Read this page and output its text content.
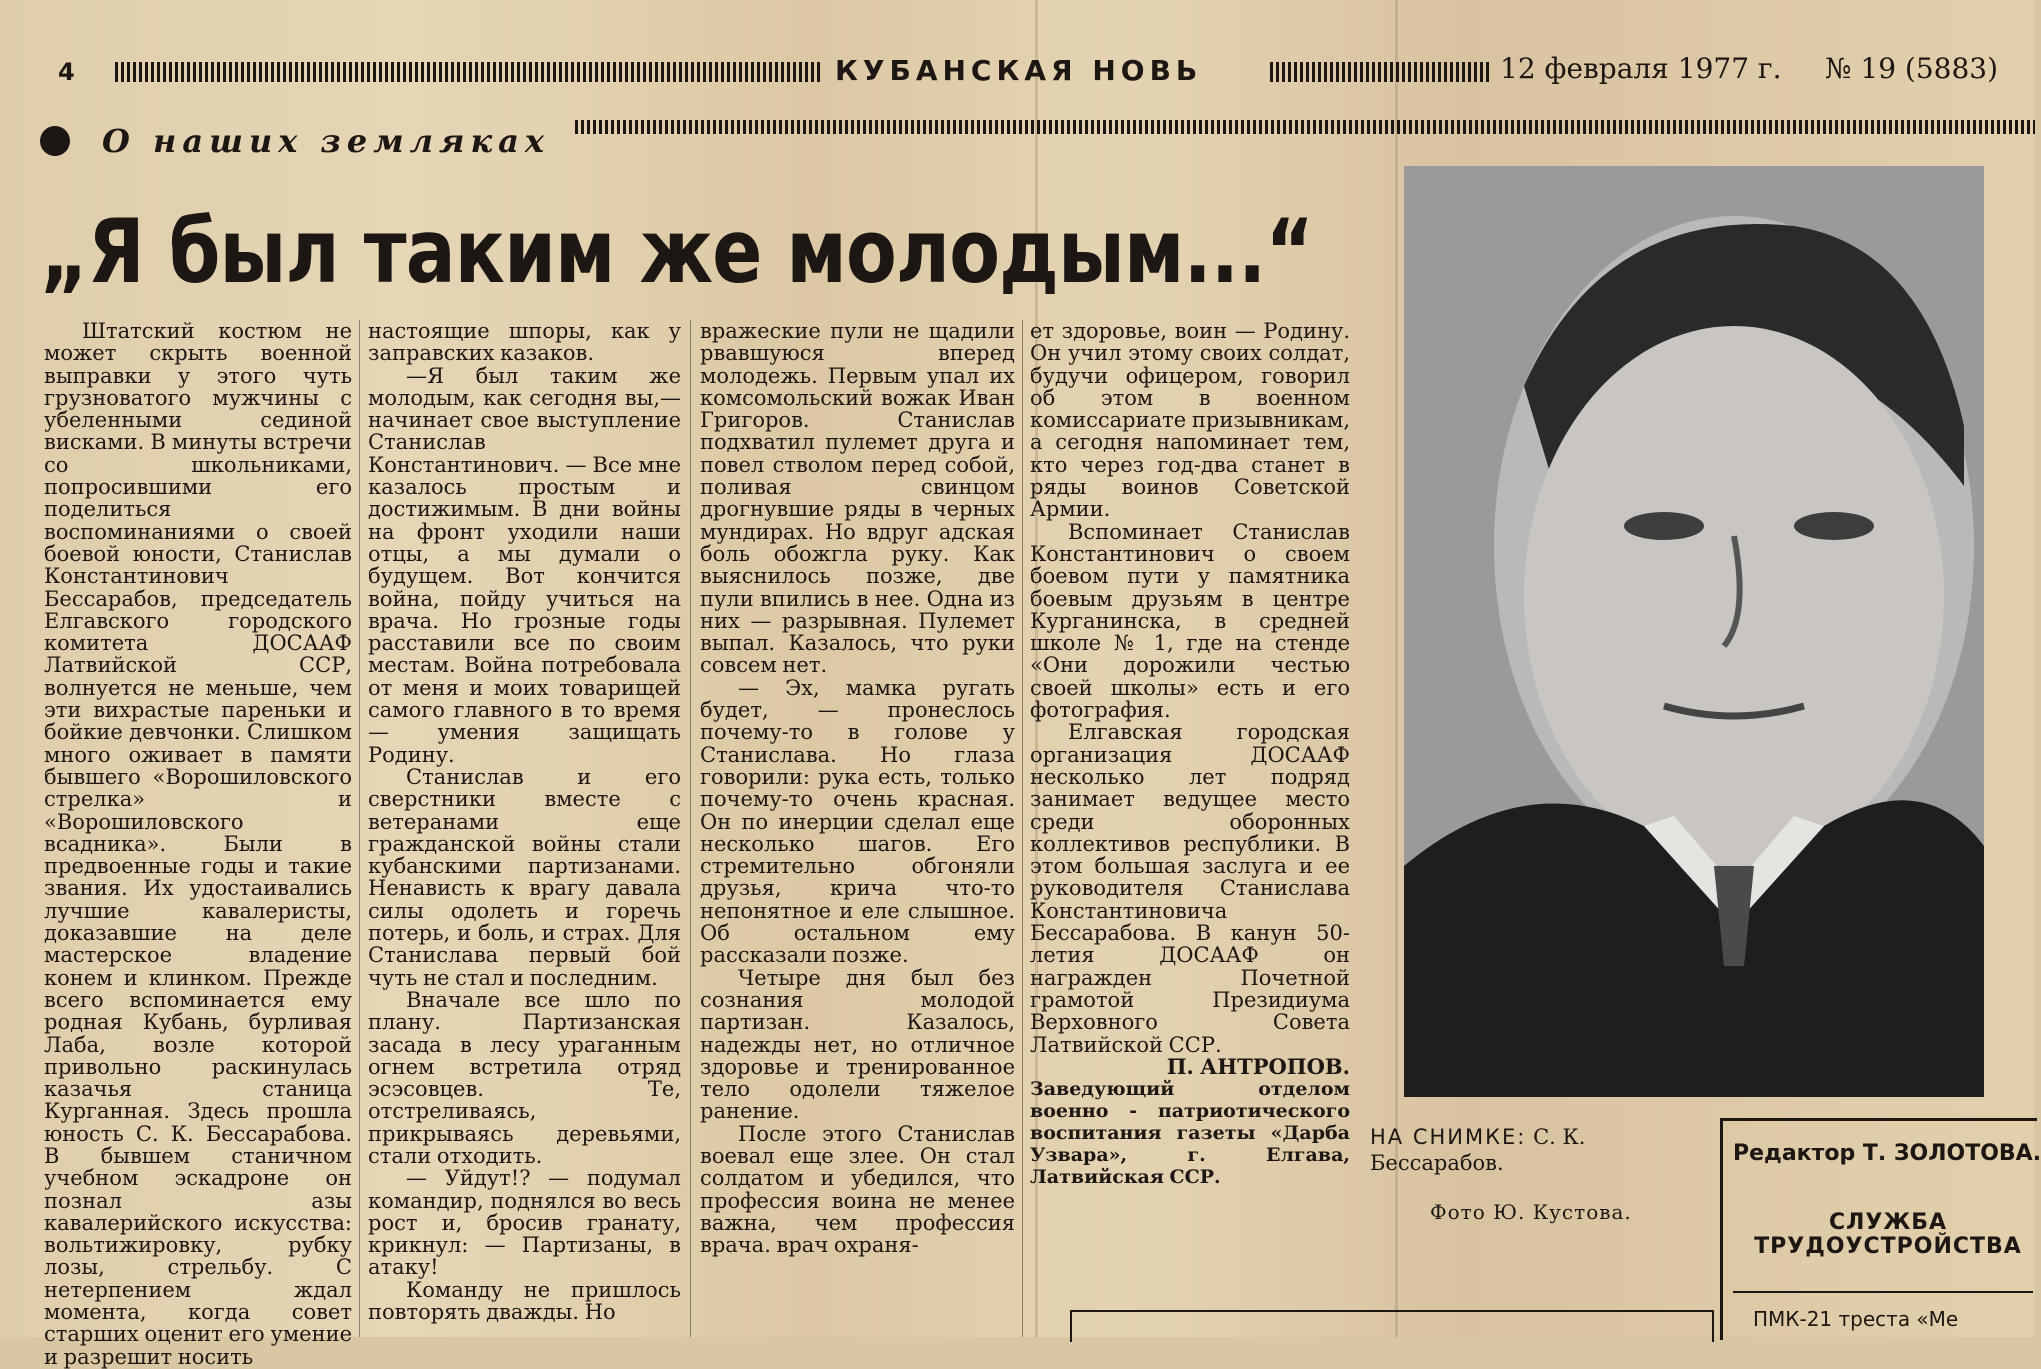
4	КУБАНСКАЯ НОВЬ	12 февраля 1977 г. № 19 (5883)
О наших земляках
„Я был таким же молодым...“

Штатский костюм не может скрыть военной выправки у этого чуть грузноватого мужчины с убеленными сединой висками. В минуты встречи со школьниками, попросившими его поделиться воспоминаниями о своей боевой юности, Станислав Константинович Бессарабов, председатель Елгавского городского комитета ДОСААФ Латвийской ССР, волнуется не меньше, чем эти вихрастые пареньки и бойкие девчонки. Слишком много оживает в памяти бывшего «Ворошиловского стрелка» и «Ворошиловского всадника». Были в предвоенные годы и такие звания. Их удостаивались лучшие кавалеристы, доказавшие на деле мастерское владение конем и клинком. Прежде всего вспоминается ему родная Кубань, бурливая Лаба, возле которой привольно раскинулась казачья станица Курганная. Здесь прошла юность С. К. Бессарабова. В бывшем станичном учебном эскадроне он познал азы кавалерийского искусства: вольтижировку, рубку лозы, стрельбу. С нетерпением ждал момента, когда совет старших оценит его умение и разрешит носить

настоящие шпоры, как у заправских казаков.

—Я был таким же молодым, как сегодня вы,—начинает свое выступление Станислав Константинович. — Все мне казалось простым и достижимым. В дни войны на фронт уходили наши отцы, а мы думали о будущем. Вот кончится война, пойду учиться на врача. Но грозные годы расставили все по своим местам. Война потребовала от меня и моих товарищей самого главного в то время — умения защищать Родину.

Станислав и его сверстники вместе с ветеранами еще гражданской войны стали кубанскими партизанами. Ненависть к врагу давала силы одолеть и горечь потерь, и боль, и страх. Для Станислава первый бой чуть не стал и последним.

Вначале все шло по плану. Партизанская засада в лесу ураганным огнем встретила отряд эсэсовцев. Те, отстреливаясь, прикрываясь деревьями, стали отходить.

— Уйдут!? — подумал командир, поднялся во весь рост и, бросив гранату, крикнул: — Партизаны, в атаку!

Команду не пришлось повторять дважды. Но

вражеские пули не щадили рвавшуюся вперед молодежь. Первым упал их комсомольский вожак Иван Григоров. Станислав подхватил пулемет друга и повел стволом перед собой, поливая свинцом дрогнувшие ряды в черных мундирах. Но вдруг адская боль обожгла руку. Как выяснилось позже, две пули впились в нее. Одна из них — разрывная. Пулемет выпал. Казалось, что руки совсем нет.

— Эх, мамка ругать будет, — пронеслось почему-то в голове у Станислава. Но глаза говорили: рука есть, только почему-то очень красная. Он по инерции сделал еще несколько шагов. Его стремительно обгоняли друзья, крича что-то непонятное и еле слышное. Об остальном ему рассказали позже.

Четыре дня был без сознания молодой партизан. Казалось, надежды нет, но отличное здоровье и тренированное тело одолели тяжелое ранение.

После этого Станислав воевал еще злее. Он стал солдатом и убедился, что профессия воина не менее важна, чем профессия врача. врач охраня-

ет здоровье, воин — Родину. Он учил этому своих солдат, будучи офицером, говорил об этом в военном комиссариате призывникам, а сегодня напоминает тем, кто через год-два станет в ряды воинов Советской Армии.

Вспоминает Станислав Константинович о своем боевом пути у памятника боевым друзьям в центре Курганинска, в средней школе № 1, где на стенде «Они дорожили честью своей школы» есть и его фотография.

Елгавская городская организация ДОСААФ несколько лет подряд занимает ведущее место среди оборонных коллективов республики. В этом большая заслуга и ее руководителя Станислава Константиновича Бессарабова. В канун 50-летия ДОСААФ он награжден Почетной грамотой Президиума Верховного Совета Латвийской ССР.

П. АНТРОПОВ.

Заведующий отделом военно - патриотического воспитания газеты «Дарба Узвара», г. Елгава, Латвийская ССР.

НА СНИМКЕ: С. К. Бессарабов.
Фото Ю. Кустова.
Редактор Т. ЗОЛОТОВА.
СЛУЖБА ТРУДОУСТРОЙСТВА
ПМК-21 треста «Ме
